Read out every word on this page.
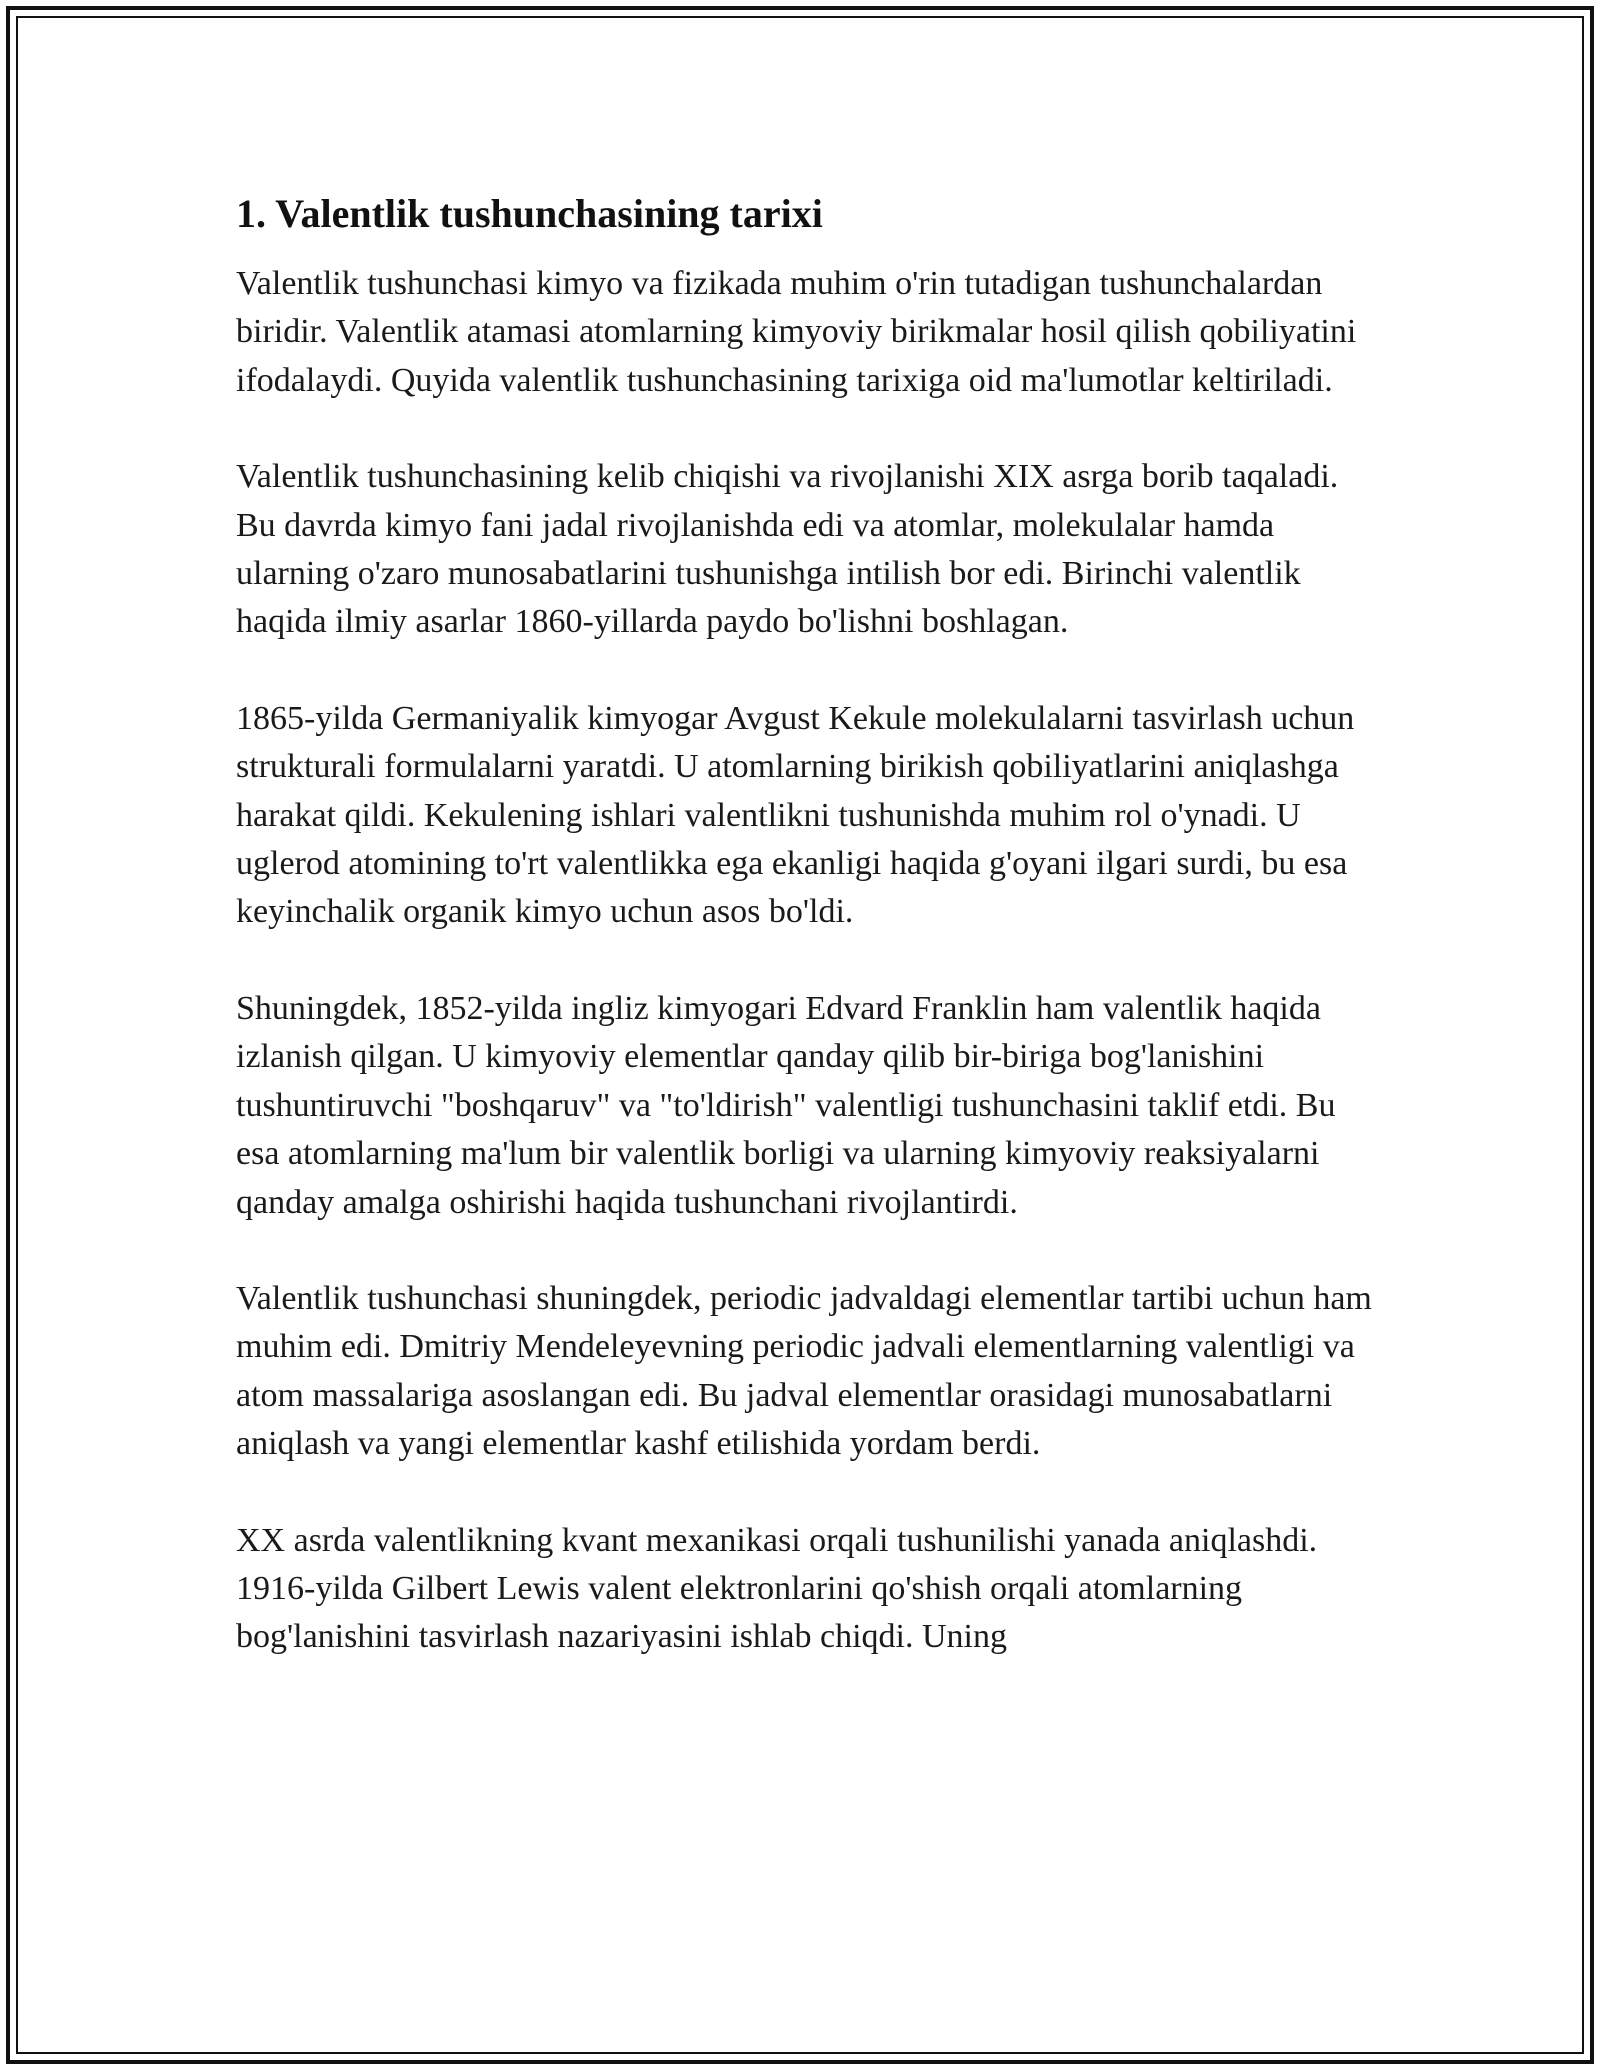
1. Valentlik tushunchasining tarixi

Valentlik tushunchasi kimyo va fizikada muhim o'rin tutadigan tushunchalardan biridir. Valentlik atamasi atomlarning kimyoviy birikmalar hosil qilish qobiliyatini ifodalaydi. Quyida valentlik tushunchasining tarixiga oid ma'lumotlar keltiriladi.

Valentlik tushunchasining kelib chiqishi va rivojlanishi XIX asrga borib taqaladi. Bu davrda kimyo fani jadal rivojlanishda edi va atomlar, molekulalar hamda ularning o'zaro munosabatlarini tushunishga intilish bor edi. Birinchi valentlik haqida ilmiy asarlar 1860-yillarda paydo bo'lishni boshlagan.

1865-yilda Germaniyalik kimyogar Avgust Kekule molekulalarni tasvirlash uchun strukturali formulalarni yaratdi. U atomlarning birikish qobiliyatlarini aniqlashga harakat qildi. Kekulening ishlari valentlikni tushunishda muhim rol o'ynadi. U uglerod atomining to'rt valentlikka ega ekanligi haqida g'oyani ilgari surdi, bu esa keyinchalik organik kimyo uchun asos bo'ldi.

Shuningdek, 1852-yilda ingliz kimyogari Edvard Franklin ham valentlik haqida izlanish qilgan. U kimyoviy elementlar qanday qilib bir-biriga bog'lanishini tushuntiruvchi "boshqaruv" va "to'ldirish" valentligi tushunchasini taklif etdi. Bu esa atomlarning ma'lum bir valentlik borligi va ularning kimyoviy reaksiyalarni qanday amalga oshirishi haqida tushunchani rivojlantirdi.

Valentlik tushunchasi shuningdek, periodic jadvaldagi elementlar tartibi uchun ham muhim edi. Dmitriy Mendeleyevning periodic jadvali elementlarning valentligi va atom massalariga asoslangan edi. Bu jadval elementlar orasidagi munosabatlarni aniqlash va yangi elementlar kashf etilishida yordam berdi.

XX asrda valentlikning kvant mexanikasi orqali tushunilishi yanada aniqlashdi. 1916-yilda Gilbert Lewis valent elektronlarini qo'shish orqali atomlarning bog'lanishini tasvirlash nazariyasini ishlab chiqdi. Uning
